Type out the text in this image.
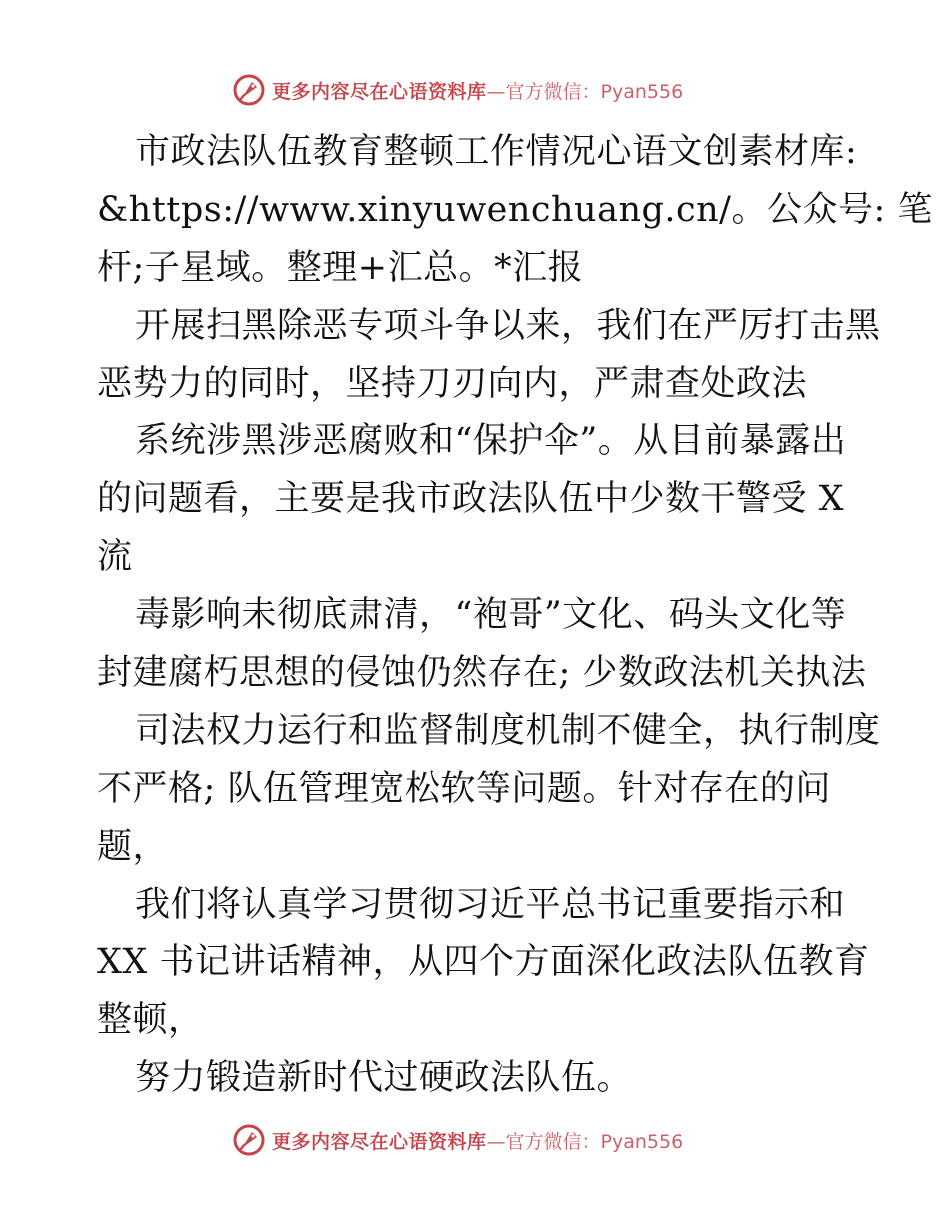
更多内容尽在心语资料库 —官方微信：Pyan556
市政法队伍教育整顿工作情况心语文创素材库:
&https://www.xinyuwenchuang.cn/。公众号: 笔
杆;子星域。整理+汇总。*汇报
开展扫黑除恶专项斗争以来，我们在严厉打击黑
恶势力的同时，坚持刀刃向内，严肃查处政法
系统涉黑涉恶腐败和“保护伞”。从目前暴露出
的问题看，主要是我市政法队伍中少数干警受 X
流
毒影响未彻底肃清，“袍哥”文化、码头文化等
封建腐朽思想的侵蚀仍然存在; 少数政法机关执法
司法权力运行和监督制度机制不健全，执行制度
不严格; 队伍管理宽松软等问题。针对存在的问
题，
我们将认真学习贯彻习近平总书记重要指示和
XX 书记讲话精神，从四个方面深化政法队伍教育
整顿，
努力锻造新时代过硬政法队伍。
更多内容尽在心语资料库 —官方微信：Pyan556
